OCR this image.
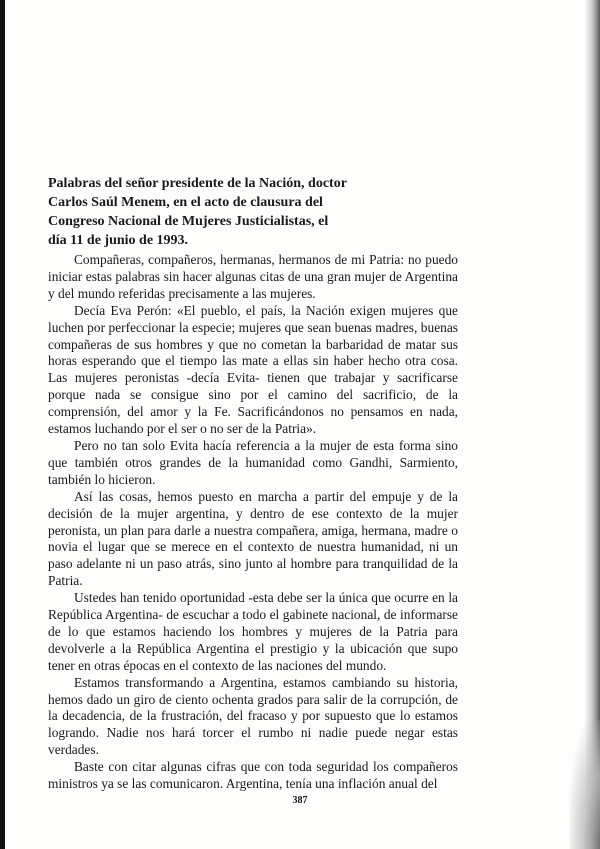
Palabras del señor presidente de la Nación, doctor Carlos Saúl Menem, en el acto de clausura del Congreso Nacional de Mujeres Justicialistas, el día 11 de junio de 1993.

Compañeras, compañeros, hermanas, hermanos de mi Patria: no puedo iniciar estas palabras sin hacer algunas citas de una gran mujer de Argentina y del mundo referidas precisamente a las mujeres.

Decía Eva Perón: «El pueblo, el país, la Nación exigen mujeres que luchen por perfeccionar la especie; mujeres que sean buenas madres, buenas compañeras de sus hombres y que no cometan la barbaridad de matar sus horas esperando que el tiempo las mate a ellas sin haber hecho otra cosa. Las mujeres peronistas -decía Evita- tienen que trabajar y sacrificarse porque nada se consigue sino por el camino del sacrificio, de la comprensión, del amor y la Fe. Sacrificándonos no pensamos en nada, estamos luchando por el ser o no ser de la Patria».

Pero no tan solo Evita hacía referencia a la mujer de esta forma sino que también otros grandes de la humanidad como Gandhi, Sarmiento, también lo hicieron.

Así las cosas, hemos puesto en marcha a partir del empuje y de la decisión de la mujer argentina, y dentro de ese contexto de la mujer peronista, un plan para darle a nuestra compañera, amiga, hermana, madre o novia el lugar que se merece en el contexto de nuestra humanidad, ni un paso adelante ni un paso atrás, sino junto al hombre para tranquilidad de la Patria.

Ustedes han tenido oportunidad -esta debe ser la única que ocurre en la República Argentina- de escuchar a todo el gabinete nacional, de informarse de lo que estamos haciendo los hombres y mujeres de la Patria para devolverle a la República Argentina el prestigio y la ubicación que supo tener en otras épocas en el contexto de las naciones del mundo.

Estamos transformando a Argentina, estamos cambiando su historia, hemos dado un giro de ciento ochenta grados para salir de la corrupción, de la decadencia, de la frustración, del fracaso y por supuesto que lo estamos logrando. Nadie nos hará torcer el rumbo ni nadie puede negar estas verdades.

Baste con citar algunas cifras que con toda seguridad los compañeros ministros ya se las comunicaron. Argentina, tenía una inflación anual del

387
